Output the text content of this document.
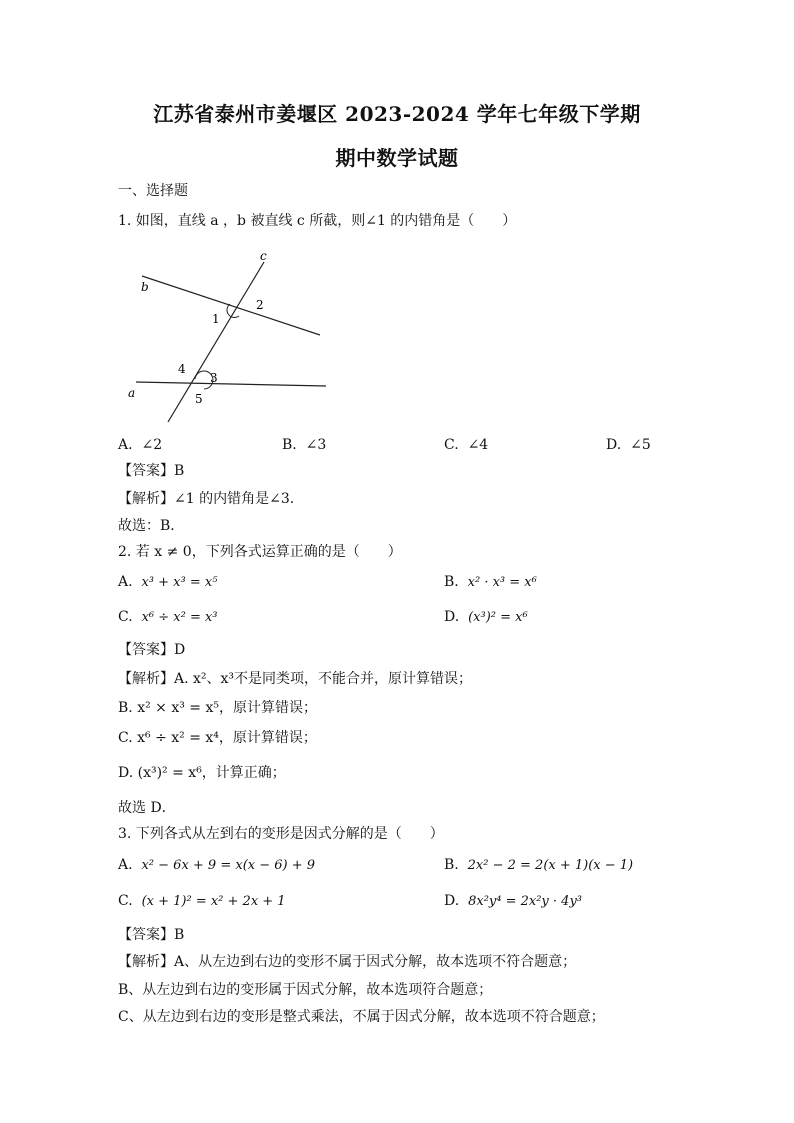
江苏省泰州市姜堰区 2023-2024 学年七年级下学期
期中数学试题
一、选择题
1. 如图，直线 a ，b 被直线 c 所截，则∠1 的内错角是（　　）
c
b
a
2
1
4
3
5
A. ∠2	B. ∠3	C. ∠4	D. ∠5
【答案】B
【解析】∠1 的内错角是∠3．
故选：B．
2. 若 x ≠ 0，下列各式运算正确的是（　　）
A. x³ + x³ = x⁵	B. x² · x³ = x⁶
C. x⁶ ÷ x² = x³	D. (x³)² = x⁶
【答案】D
【解析】A. x²、x³不是同类项，不能合并，原计算错误；
B. x² × x³ = x⁵，原计算错误；
C. x⁶ ÷ x² = x⁴，原计算错误；
D. (x³)² = x⁶，计算正确；
故选 D．
3. 下列各式从左到右的变形是因式分解的是（　　）
A. x² − 6x + 9 = x(x − 6) + 9	B. 2x² − 2 = 2(x + 1)(x − 1)
C. (x + 1)² = x² + 2x + 1	D. 8x²y⁴ = 2x²y · 4y³
【答案】B
【解析】A、从左边到右边的变形不属于因式分解，故本选项不符合题意；
B、从左边到右边的变形属于因式分解，故本选项符合题意；
C、从左边到右边的变形是整式乘法，不属于因式分解，故本选项不符合题意；
